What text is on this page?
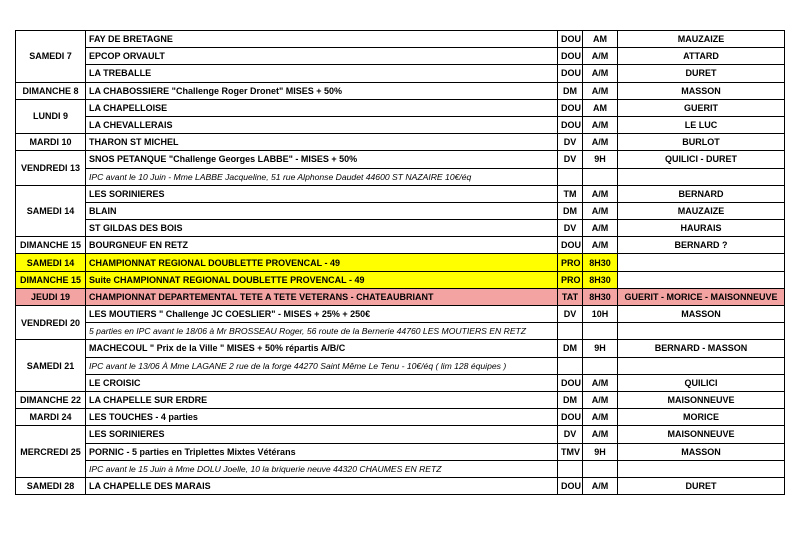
SAMEDI 7	FAY DE BRETAGNE	DOU	AM	MAUZAIZE
	EPCOP ORVAULT	DOU	A/M	ATTARD
	LA TREBALLE	DOU	A/M	DURET
DIMANCHE 8	LA CHABOSSIERE "Challenge Roger Dronet" MISES + 50%	DM	A/M	MASSON
LUNDI 9	LA CHAPELLOISE	DOU	AM	GUERIT
	LA CHEVALLERAIS	DOU	A/M	LE LUC
MARDI 10	THARON ST MICHEL	DV	A/M	BURLOT
VENDREDI 13	SNOS PETANQUE "Challenge Georges LABBE" - MISES + 50%	DV	9H	QUILICI - DURET
	IPC avant le 10 Juin - Mme LABBE Jacqueline, 51 rue Alphonse Daudet 44600 ST NAZAIRE 10€/éq			
SAMEDI 14	LES SORINIERES	TM	A/M	BERNARD
	BLAIN	DM	A/M	MAUZAIZE
	ST GILDAS DES BOIS	DV	A/M	HAURAIS
DIMANCHE 15	BOURGNEUF EN RETZ	DOU	A/M	BERNARD ?
SAMEDI 14	CHAMPIONNAT REGIONAL DOUBLETTE PROVENCAL - 49	PRO	8H30	
DIMANCHE 15	Suite CHAMPIONNAT REGIONAL DOUBLETTE PROVENCAL - 49	PRO	8H30	
JEUDI 19	CHAMPIONNAT DEPARTEMENTAL TETE A TETE VETERANS - CHATEAUBRIANT	TAT	8H30	GUERIT - MORICE - MAISONNEUVE
VENDREDI 20	LES MOUTIERS " Challenge JC COESLIER" - MISES + 25% + 250€	DV	10H	MASSON
	5 parties en IPC avant le 18/06 à Mr BROSSEAU Roger, 56 route de la Bernerie 44760 LES MOUTIERS EN RETZ			
SAMEDI 21	MACHECOUL " Prix de la Ville " MISES + 50% répartis A/B/C	DM	9H	BERNARD - MASSON
	IPC avant le 13/06 À Mme LAGANE 2 rue de la forge 44270 Saint Même Le Tenu - 10€/éq ( lim 128 équipes )			
	LE CROISIC	DOU	A/M	QUILICI
DIMANCHE 22	LA CHAPELLE SUR ERDRE	DM	A/M	MAISONNEUVE
MARDI 24	LES TOUCHES - 4 parties	DOU	A/M	MORICE
MERCREDI 25	LES SORINIERES	DV	A/M	MAISONNEUVE
	PORNIC - 5 parties en Triplettes Mixtes Vétérans	TMV	9H	MASSON
	IPC avant le 15 Juin à Mme DOLU Joelle, 10 la briquerie neuve 44320 CHAUMES EN RETZ			
SAMEDI 28	LA CHAPELLE DES MARAIS	DOU	A/M	DURET
